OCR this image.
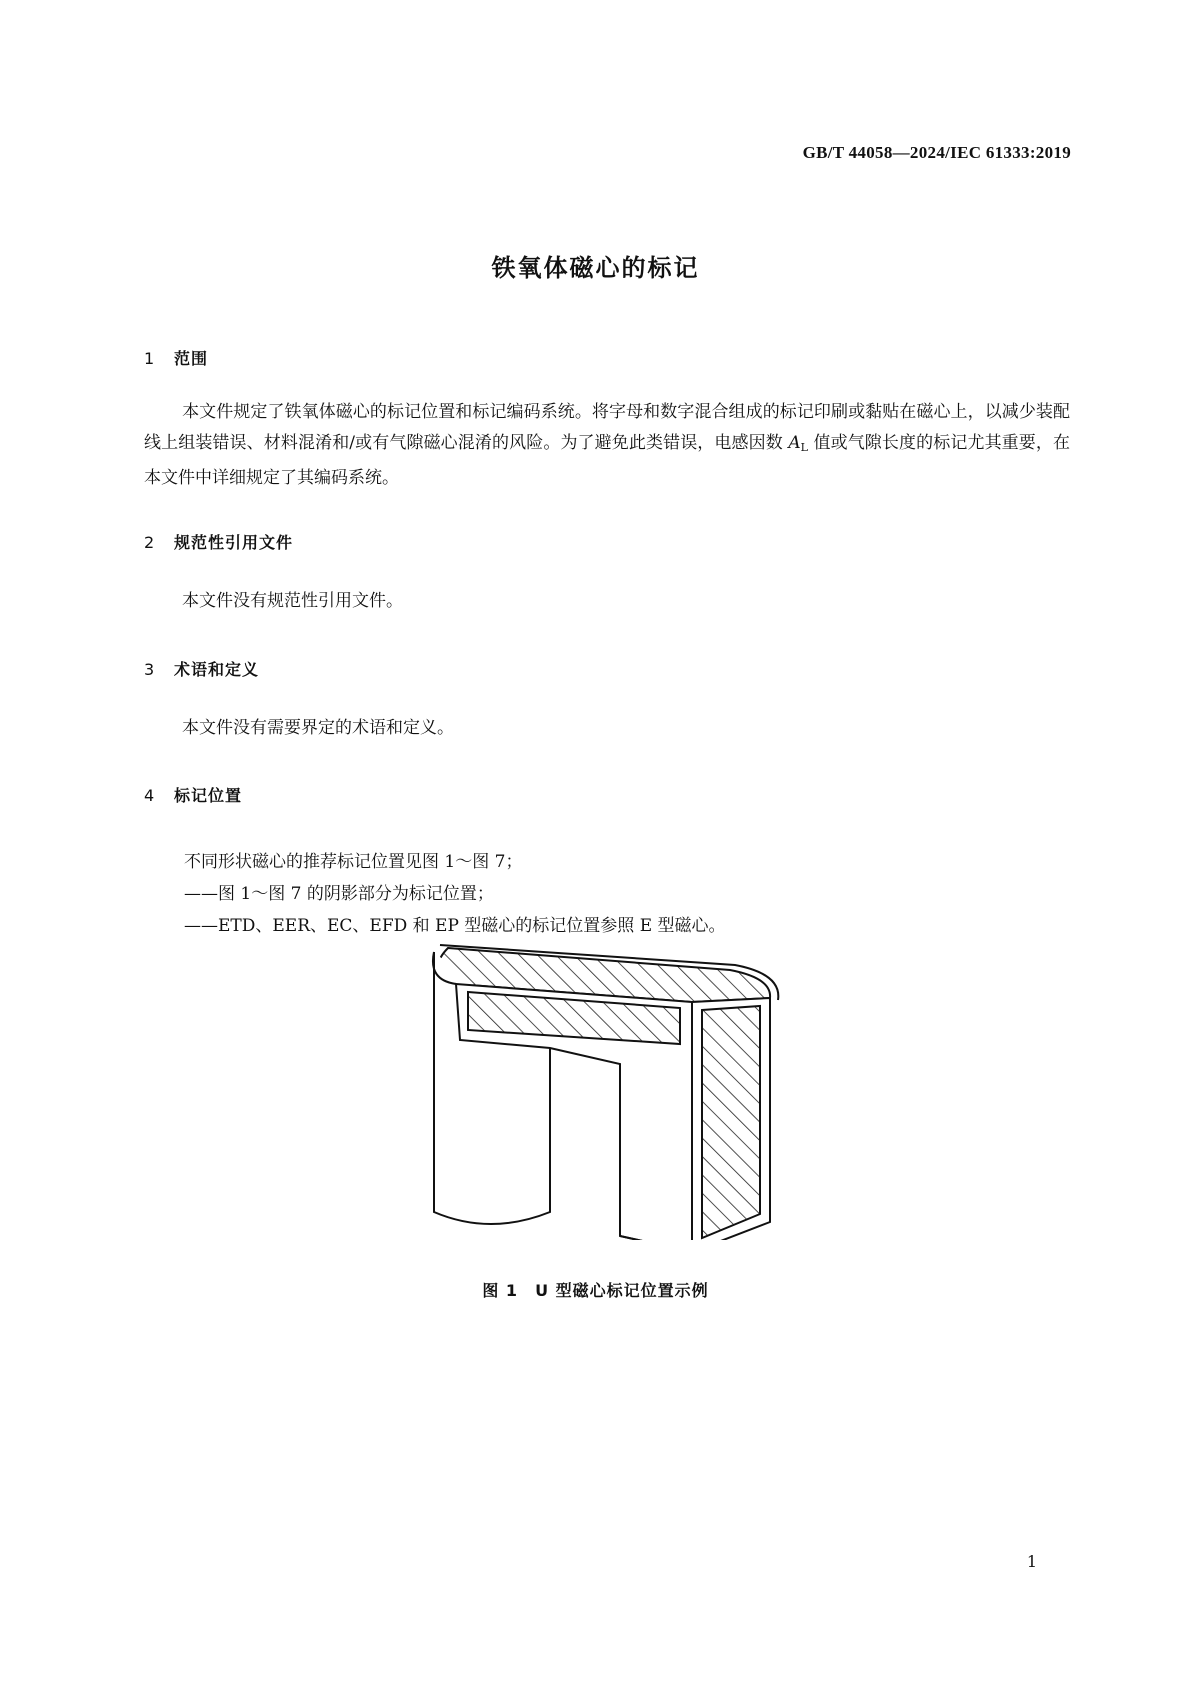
GB/T 44058—2024/IEC 61333:2019
铁氧体磁心的标记
1 范围
本文件规定了铁氧体磁心的标记位置和标记编码系统。将字母和数字混合组成的标记印刷或黏贴在磁心上，以减少装配线上组装错误、材料混淆和/或有气隙磁心混淆的风险。为了避免此类错误，电感因数 $A_L$ 值或气隙长度的标记尤其重要，在本文件中详细规定了其编码系统。
2 规范性引用文件
本文件没有规范性引用文件。
3 术语和定义
本文件没有需要界定的术语和定义。
4 标记位置
不同形状磁心的推荐标记位置见图 1～图 7；
——图 1～图 7 的阴影部分为标记位置；
——ETD、EER、EC、EFD 和 EP 型磁心的标记位置参照 E 型磁心。
图 1　U 型磁心标记位置示例
1
